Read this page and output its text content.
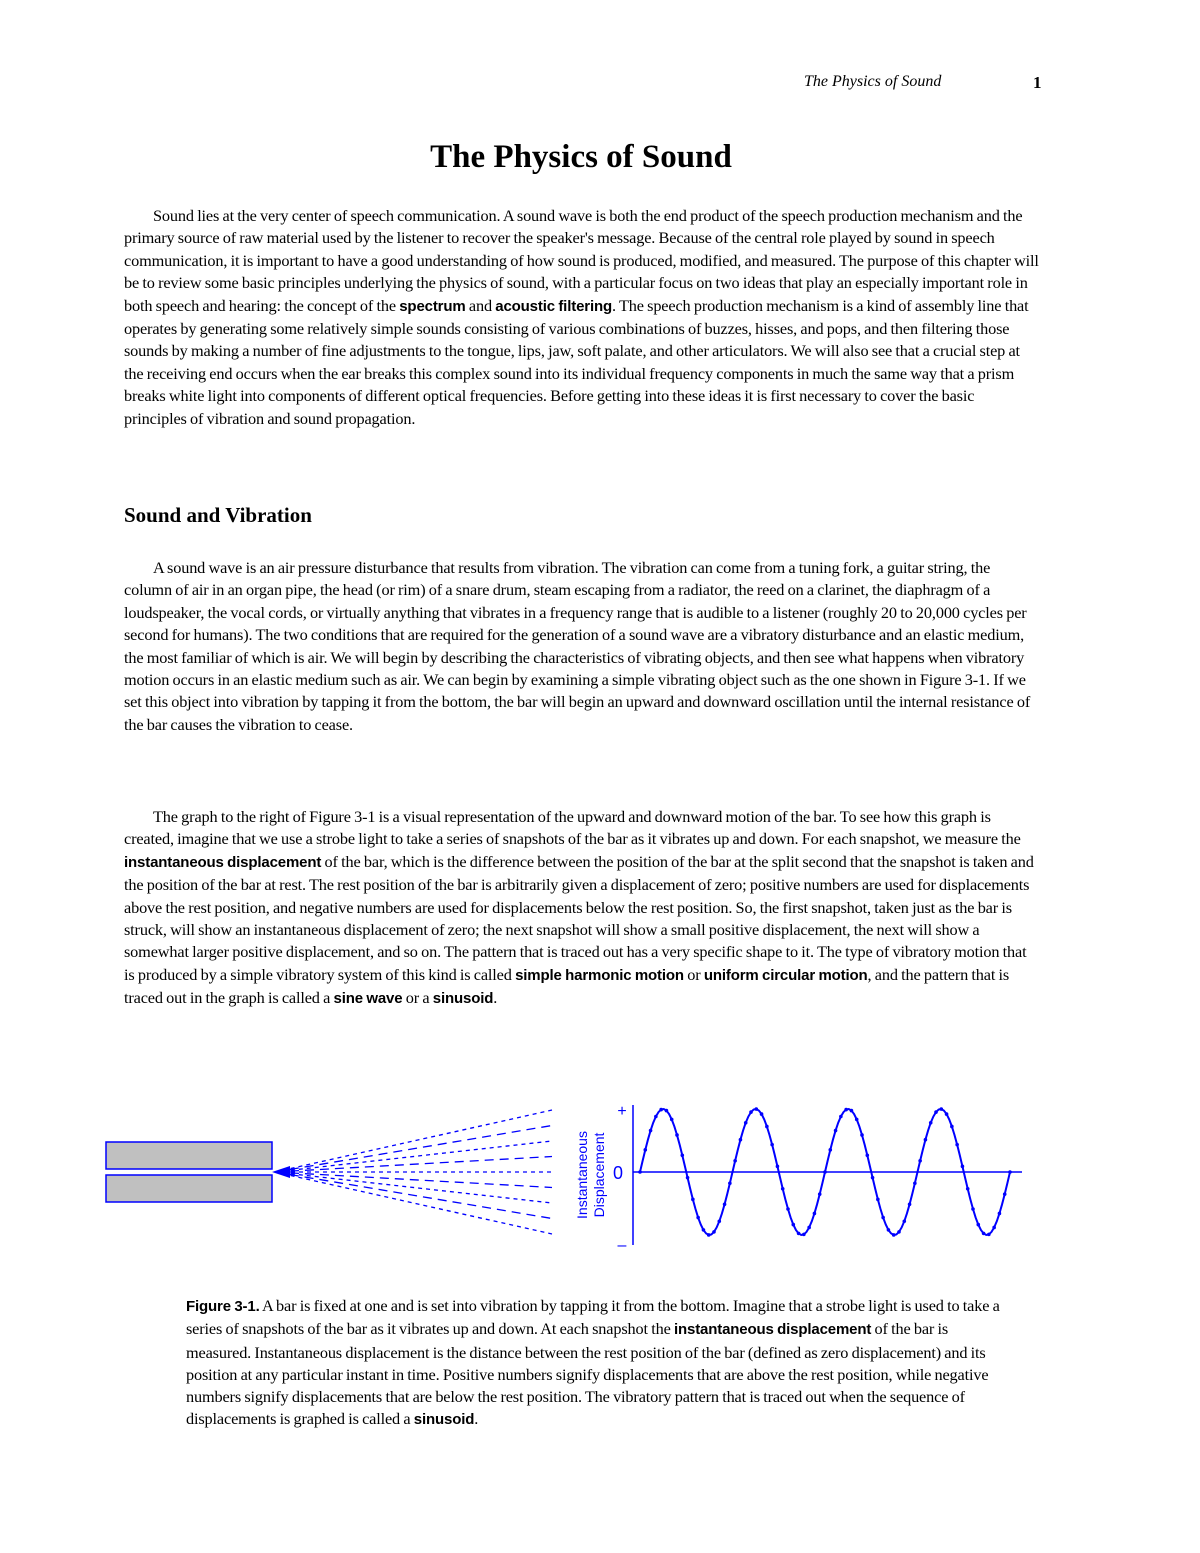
The Physics of Sound	1
The Physics of Sound

Sound lies at the very center of speech communication. A sound wave is both the end product of the speech production mechanism and the primary source of raw material used by the listener to recover the speaker's message. Because of the central role played by sound in speech communication, it is important to have a good understanding of how sound is produced, modified, and measured. The purpose of this chapter will be to review some basic principles underlying the physics of sound, with a particular focus on two ideas that play an especially important role in both speech and hearing: the concept of the spectrum and acoustic filtering. The speech production mechanism is a kind of assembly line that operates by generating some relatively simple sounds consisting of various combinations of buzzes, hisses, and pops, and then filtering those sounds by making a number of fine adjustments to the tongue, lips, jaw, soft palate, and other articulators. We will also see that a crucial step at the receiving end occurs when the ear breaks this complex sound into its individual frequency components in much the same way that a prism breaks white light into components of different optical frequencies. Before getting into these ideas it is first necessary to cover the basic principles of vibration and sound propagation.

Sound and Vibration

A sound wave is an air pressure disturbance that results from vibration. The vibration can come from a tuning fork, a guitar string, the column of air in an organ pipe, the head (or rim) of a snare drum, steam escaping from a radiator, the reed on a clarinet, the diaphragm of a loudspeaker, the vocal cords, or virtually anything that vibrates in a frequency range that is audible to a listener (roughly 20 to 20,000 cycles per second for humans). The two conditions that are required for the generation of a sound wave are a vibratory disturbance and an elastic medium, the most familiar of which is air. We will begin by describing the characteristics of vibrating objects, and then see what happens when vibratory motion occurs in an elastic medium such as air. We can begin by examining a simple vibrating object such as the one shown in Figure 3-1. If we set this object into vibration by tapping it from the bottom, the bar will begin an upward and downward oscillation until the internal resistance of the bar causes the vibration to cease.

The graph to the right of Figure 3-1 is a visual representation of the upward and downward motion of the bar. To see how this graph is created, imagine that we use a strobe light to take a series of snapshots of the bar as it vibrates up and down. For each snapshot, we measure the instantaneous displacement of the bar, which is the difference between the position of the bar at the split second that the snapshot is taken and the position of the bar at rest. The rest position of the bar is arbitrarily given a displacement of zero; positive numbers are used for displacements above the rest position, and negative numbers are used for displacements below the rest position. So, the first snapshot, taken just as the bar is struck, will show an instantaneous displacement of zero; the next snapshot will show a small positive displacement, the next will show a somewhat larger positive displacement, and so on. The pattern that is traced out has a very specific shape to it. The type of vibratory motion that is produced by a simple vibratory system of this kind is called simple harmonic motion or uniform circular motion, and the pattern that is traced out in the graph is called a sine wave or a sinusoid.

+
0
–
Instantaneous Displacement

Figure 3-1. A bar is fixed at one and is set into vibration by tapping it from the bottom. Imagine that a strobe light is used to take a series of snapshots of the bar as it vibrates up and down. At each snapshot the instantaneous displacement of the bar is measured. Instantaneous displacement is the distance between the rest position of the bar (defined as zero displacement) and its position at any particular instant in time. Positive numbers signify displacements that are above the rest position, while negative numbers signify displacements that are below the rest position. The vibratory pattern that is traced out when the sequence of displacements is graphed is called a sinusoid.
